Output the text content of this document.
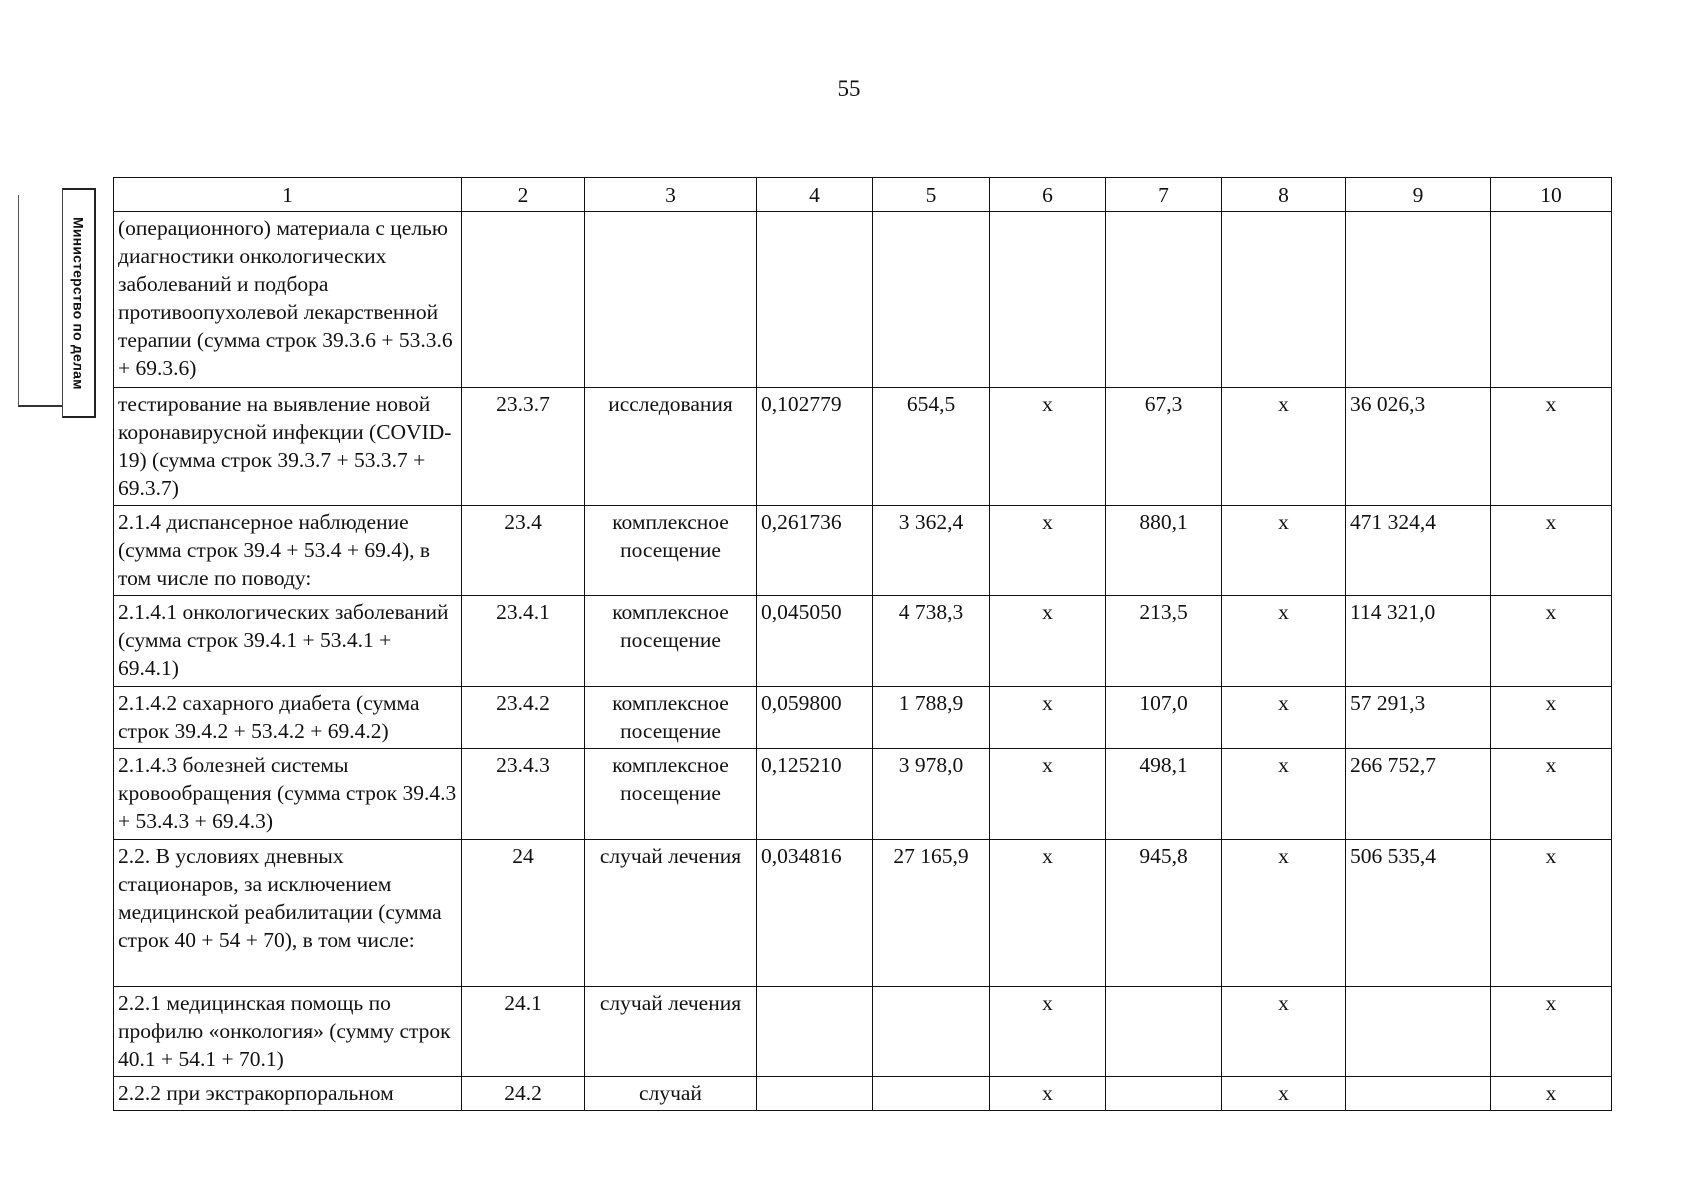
55
Министерство по делам
1	2	3	4	5	6	7	8	9	10
(операционного) материала с целью диагностики онкологических заболеваний и подбора противоопухолевой лекарственной терапии (сумма строк 39.3.6 + 53.3.6 + 69.3.6)									
тестирование на выявление новой коронавирусной инфекции (COVID-19) (сумма строк 39.3.7 + 53.3.7 + 69.3.7)	23.3.7	исследования	0,102779	654,5	х	67,3	х	36 026,3	х
2.1.4 диспансерное наблюдение (сумма строк 39.4 + 53.4 + 69.4), в том числе по поводу:	23.4	комплексное посещение	0,261736	3 362,4	х	880,1	х	471 324,4	х
2.1.4.1 онкологических заболеваний (сумма строк 39.4.1 + 53.4.1 + 69.4.1)	23.4.1	комплексное посещение	0,045050	4 738,3	х	213,5	х	114 321,0	х
2.1.4.2 сахарного диабета (сумма строк 39.4.2 + 53.4.2 + 69.4.2)	23.4.2	комплексное посещение	0,059800	1 788,9	х	107,0	х	57 291,3	х
2.1.4.3 болезней системы кровообращения (сумма строк 39.4.3 + 53.4.3 + 69.4.3)	23.4.3	комплексное посещение	0,125210	3 978,0	х	498,1	х	266 752,7	х
2.2. В условиях дневных стационаров, за исключением медицинской реабилитации (сумма строк 40 + 54 + 70), в том числе:	24	случай лечения	0,034816	27 165,9	х	945,8	х	506 535,4	х
2.2.1 медицинская помощь по профилю «онкология» (сумму строк 40.1 + 54.1 + 70.1)	24.1	случай лечения			х		х		х
2.2.2 при экстракорпоральном	24.2	случай			х		х		х
